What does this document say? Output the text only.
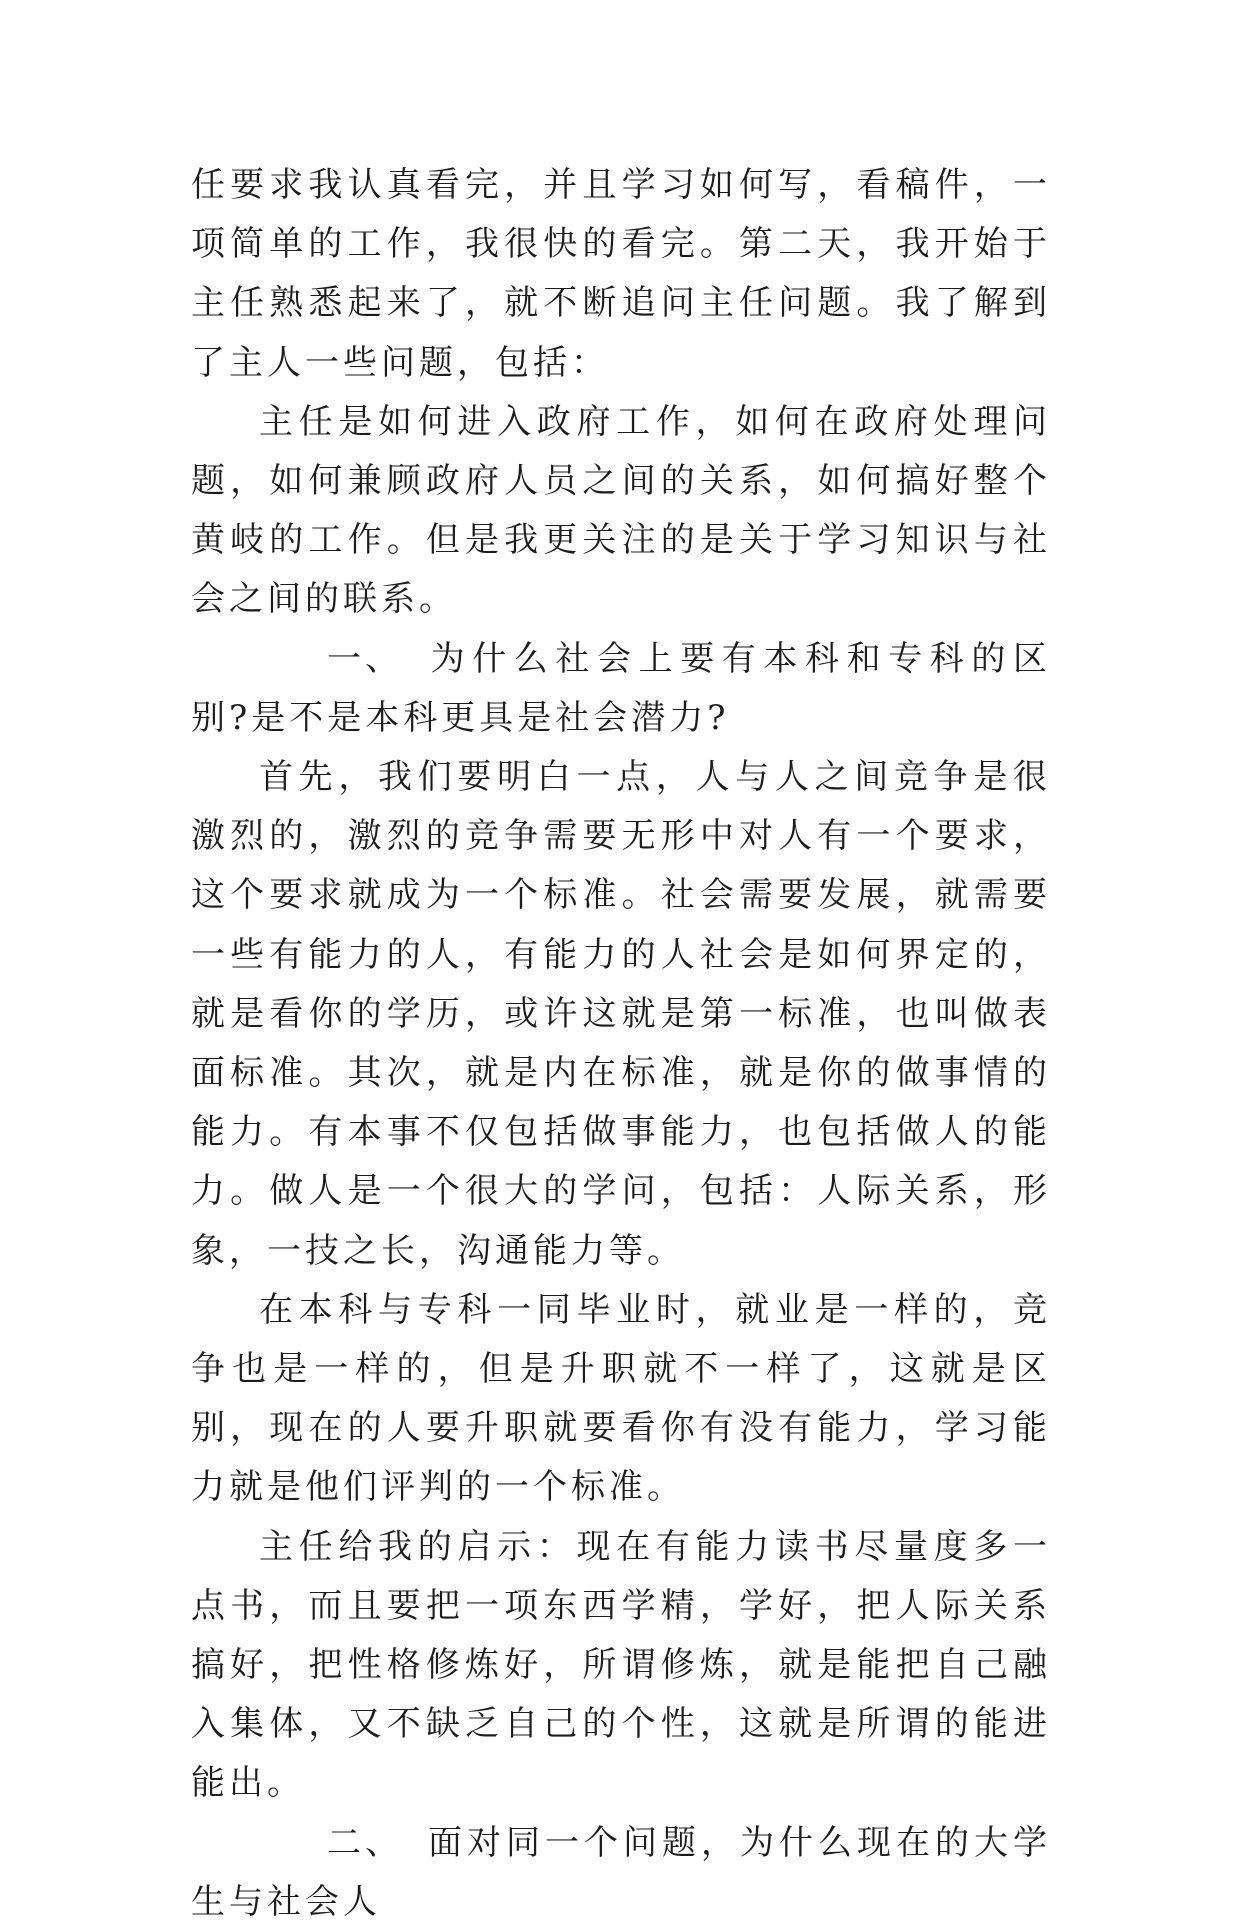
任要求我认真看完，并且学习如何写，看稿件，一项简单的工作，我很快的看完。第二天，我开始于主任熟悉起来了，就不断追问主任问题。我了解到了主人一些问题，包括：

主任是如何进入政府工作，如何在政府处理问题，如何兼顾政府人员之间的关系，如何搞好整个黄岐的工作。但是我更关注的是关于学习知识与社会之间的联系。

一、 为什么社会上要有本科和专科的区别?是不是本科更具是社会潜力?

首先，我们要明白一点，人与人之间竞争是很激烈的，激烈的竞争需要无形中对人有一个要求，这个要求就成为一个标准。社会需要发展，就需要一些有能力的人，有能力的人社会是如何界定的，就是看你的学历，或许这就是第一标准，也叫做表面标准。其次，就是内在标准，就是你的做事情的能力。有本事不仅包括做事能力，也包括做人的能力。做人是一个很大的学问，包括：人际关系，形象，一技之长，沟通能力等。

在本科与专科一同毕业时，就业是一样的，竞争也是一样的，但是升职就不一样了，这就是区别，现在的人要升职就要看你有没有能力，学习能力就是他们评判的一个标准。

主任给我的启示：现在有能力读书尽量度多一点书，而且要把一项东西学精，学好，把人际关系搞好，把性格修炼好，所谓修炼，就是能把自己融入集体，又不缺乏自己的个性，这就是所谓的能进能出。

二、 面对同一个问题，为什么现在的大学生与社会人
